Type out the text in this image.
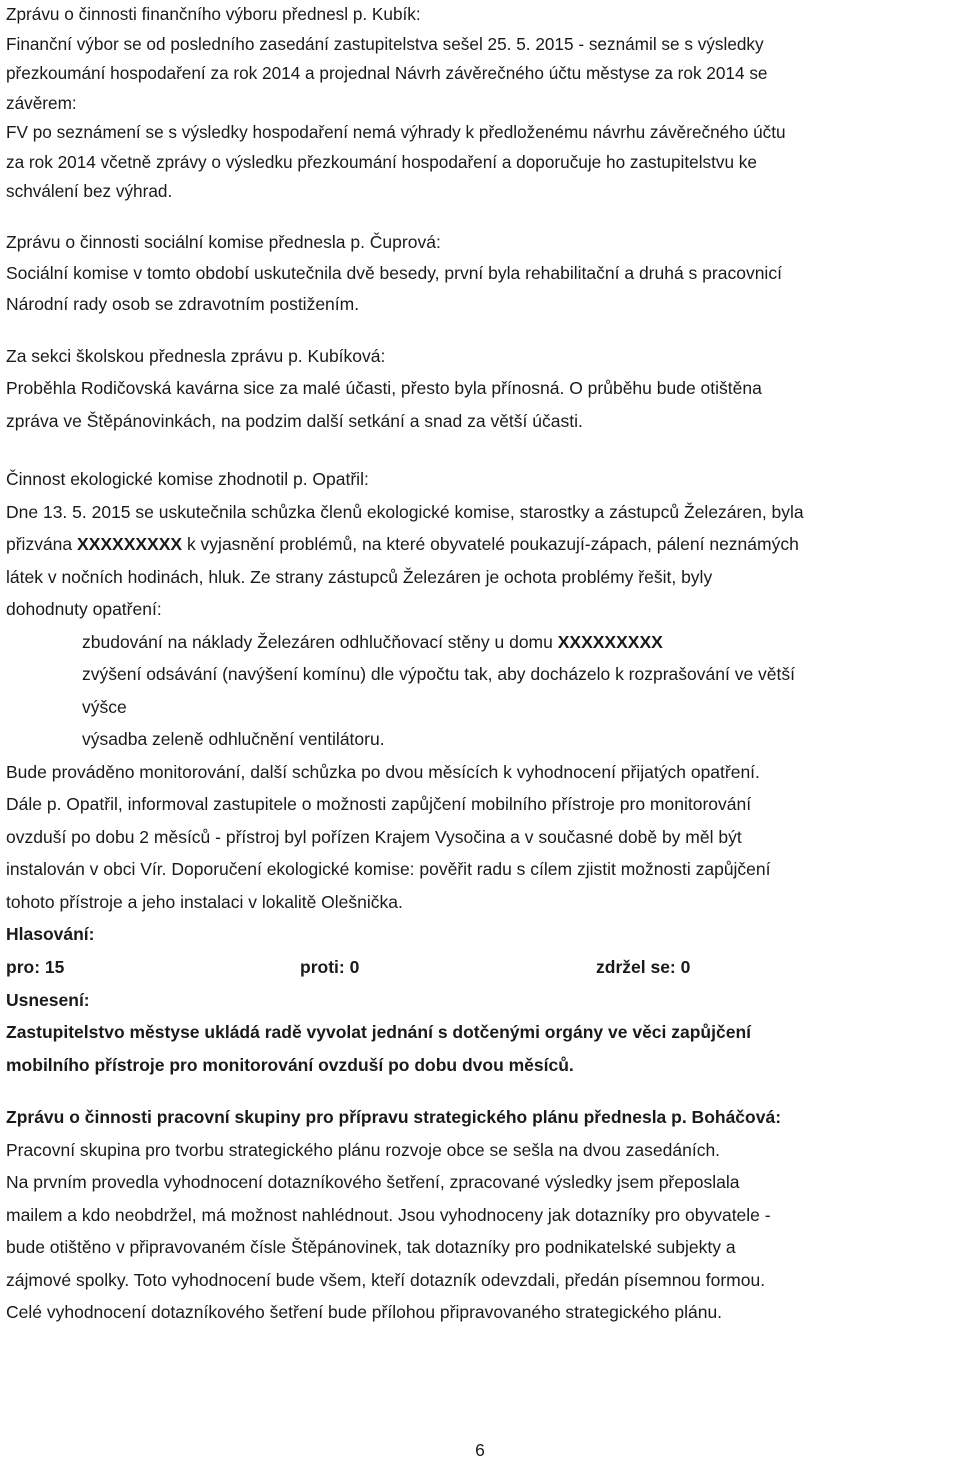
Zprávu o činnosti finančního výboru přednesl p. Kubík:

Finanční výbor se od posledního zasedání zastupitelstva sešel 25. 5. 2015 - seznámil se s výsledky

přezkoumání hospodaření za rok 2014 a projednal Návrh závěrečného účtu městyse za rok 2014 se

závěrem:

FV po seznámení se s výsledky hospodaření nemá výhrady k předloženému návrhu závěrečného účtu

za rok 2014 včetně zprávy o výsledku přezkoumání hospodaření a doporučuje ho zastupitelstvu ke

schválení bez výhrad.

Zprávu o činnosti sociální komise přednesla p. Čuprová:

Sociální komise v tomto období uskutečnila dvě besedy, první byla rehabilitační a druhá s pracovnicí

Národní rady osob se zdravotním postižením.

Za sekci školskou přednesla zprávu p. Kubíková:

Proběhla Rodičovská kavárna sice za malé účasti, přesto byla přínosná. O průběhu bude otištěna

zpráva ve Štěpánovinkách, na podzim další setkání a snad za větší účasti.

Činnost ekologické komise zhodnotil p. Opatřil:

Dne 13. 5. 2015 se uskutečnila schůzka členů ekologické komise, starostky a zástupců Železáren, byla

přizvána XXXXXXXXX k vyjasnění problémů, na které obyvatelé poukazují-zápach, pálení neznámých

látek v nočních hodinách, hluk. Ze strany zástupců Železáren je ochota problémy řešit, byly

dohodnuty opatření:

zbudování na náklady Železáren odhlučňovací stěny u domu XXXXXXXXX

zvýšení odsávání (navýšení komínu) dle výpočtu tak, aby docházelo k rozprašování ve větší

výšce

výsadba zeleně odhlučnění ventilátoru.

Bude prováděno monitorování, další schůzka po dvou měsících k vyhodnocení přijatých opatření.

Dále p. Opatřil, informoval zastupitele o možnosti zapůjčení mobilního přístroje pro monitorování

ovzduší po dobu 2 měsíců - přístroj byl pořízen Krajem Vysočina a v současné době by měl být

instalován v obci Vír. Doporučení ekologické komise: pověřit radu s cílem zjistit možnosti zapůjčení

tohoto přístroje a jeho instalaci v lokalitě Olešnička.

Hlasování:

pro: 15	proti: 0	zdržel se: 0

Usnesení:

Zastupitelstvo městyse ukládá radě vyvolat jednání s dotčenými orgány ve věci zapůjčení

mobilního přístroje pro monitorování ovzduší po dobu dvou měsíců.

Zprávu o činnosti pracovní skupiny pro přípravu strategického plánu přednesla p. Boháčová:

Pracovní skupina pro tvorbu strategického plánu rozvoje obce se sešla na dvou zasedáních.

Na prvním provedla vyhodnocení dotazníkového šetření, zpracované výsledky jsem přeposlala

mailem a kdo neobdržel, má možnost nahlédnout. Jsou vyhodnoceny jak dotazníky pro obyvatele -

bude otištěno v připravovaném čísle Štěpánovinek, tak dotazníky pro podnikatelské subjekty a

zájmové spolky. Toto vyhodnocení bude všem, kteří dotazník odevzdali, předán písemnou formou.

Celé vyhodnocení dotazníkového šetření bude přílohou připravovaného strategického plánu.

6
